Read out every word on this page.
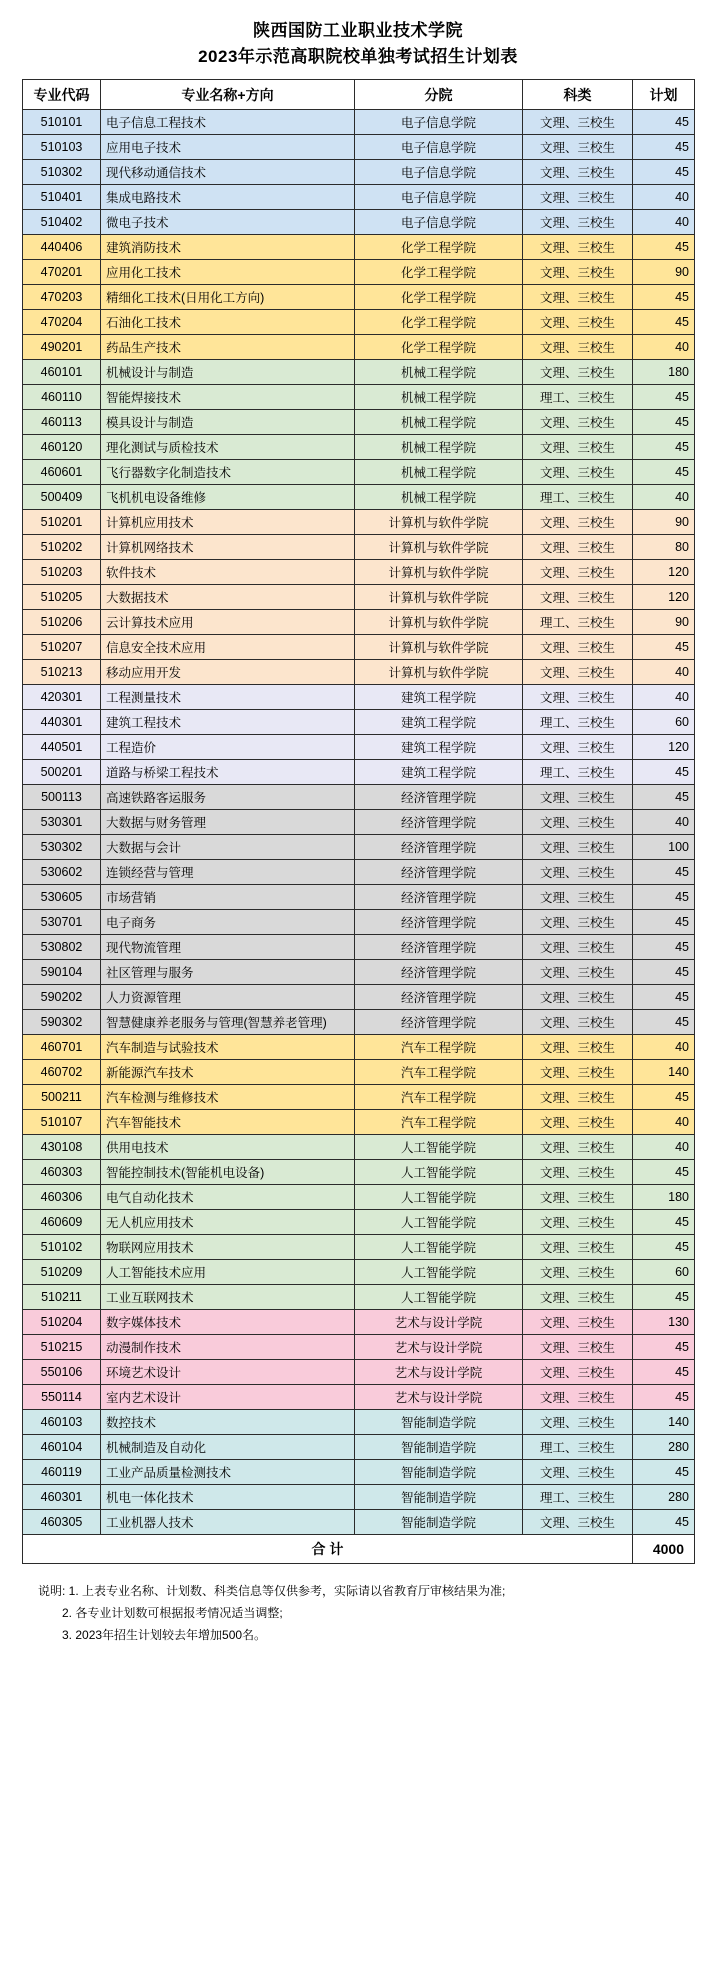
陕西国防工业职业技术学院
2023年示范高职院校单独考试招生计划表
专业代码	专业名称+方向	分院	科类	计划
510101	电子信息工程技术	电子信息学院	文理、三校生	45
510103	应用电子技术	电子信息学院	文理、三校生	45
510302	现代移动通信技术	电子信息学院	文理、三校生	45
510401	集成电路技术	电子信息学院	文理、三校生	40
510402	微电子技术	电子信息学院	文理、三校生	40
440406	建筑消防技术	化学工程学院	文理、三校生	45
470201	应用化工技术	化学工程学院	文理、三校生	90
470203	精细化工技术(日用化工方向)	化学工程学院	文理、三校生	45
470204	石油化工技术	化学工程学院	文理、三校生	45
490201	药品生产技术	化学工程学院	文理、三校生	40
460101	机械设计与制造	机械工程学院	文理、三校生	180
460110	智能焊接技术	机械工程学院	理工、三校生	45
460113	模具设计与制造	机械工程学院	文理、三校生	45
460120	理化测试与质检技术	机械工程学院	文理、三校生	45
460601	飞行器数字化制造技术	机械工程学院	文理、三校生	45
500409	飞机机电设备维修	机械工程学院	理工、三校生	40
510201	计算机应用技术	计算机与软件学院	文理、三校生	90
510202	计算机网络技术	计算机与软件学院	文理、三校生	80
510203	软件技术	计算机与软件学院	文理、三校生	120
510205	大数据技术	计算机与软件学院	文理、三校生	120
510206	云计算技术应用	计算机与软件学院	理工、三校生	90
510207	信息安全技术应用	计算机与软件学院	文理、三校生	45
510213	移动应用开发	计算机与软件学院	文理、三校生	40
420301	工程测量技术	建筑工程学院	文理、三校生	40
440301	建筑工程技术	建筑工程学院	理工、三校生	60
440501	工程造价	建筑工程学院	文理、三校生	120
500201	道路与桥梁工程技术	建筑工程学院	理工、三校生	45
500113	高速铁路客运服务	经济管理学院	文理、三校生	45
530301	大数据与财务管理	经济管理学院	文理、三校生	40
530302	大数据与会计	经济管理学院	文理、三校生	100
530602	连锁经营与管理	经济管理学院	文理、三校生	45
530605	市场营销	经济管理学院	文理、三校生	45
530701	电子商务	经济管理学院	文理、三校生	45
530802	现代物流管理	经济管理学院	文理、三校生	45
590104	社区管理与服务	经济管理学院	文理、三校生	45
590202	人力资源管理	经济管理学院	文理、三校生	45
590302	智慧健康养老服务与管理(智慧养老管理)	经济管理学院	文理、三校生	45
460701	汽车制造与试验技术	汽车工程学院	文理、三校生	40
460702	新能源汽车技术	汽车工程学院	文理、三校生	140
500211	汽车检测与维修技术	汽车工程学院	文理、三校生	45
510107	汽车智能技术	汽车工程学院	文理、三校生	40
430108	供用电技术	人工智能学院	文理、三校生	40
460303	智能控制技术(智能机电设备)	人工智能学院	文理、三校生	45
460306	电气自动化技术	人工智能学院	文理、三校生	180
460609	无人机应用技术	人工智能学院	文理、三校生	45
510102	物联网应用技术	人工智能学院	文理、三校生	45
510209	人工智能技术应用	人工智能学院	文理、三校生	60
510211	工业互联网技术	人工智能学院	文理、三校生	45
510204	数字媒体技术	艺术与设计学院	文理、三校生	130
510215	动漫制作技术	艺术与设计学院	文理、三校生	45
550106	环境艺术设计	艺术与设计学院	文理、三校生	45
550114	室内艺术设计	艺术与设计学院	文理、三校生	45
460103	数控技术	智能制造学院	文理、三校生	140
460104	机械制造及自动化	智能制造学院	理工、三校生	280
460119	工业产品质量检测技术	智能制造学院	文理、三校生	45
460301	机电一体化技术	智能制造学院	理工、三校生	280
460305	工业机器人技术	智能制造学院	文理、三校生	45
合 计				4000
说明: 1. 上表专业名称、计划数、科类信息等仅供参考，实际请以省教育厅审核结果为准;
2. 各专业计划数可根据报考情况适当调整;
3. 2023年招生计划较去年增加500名。
